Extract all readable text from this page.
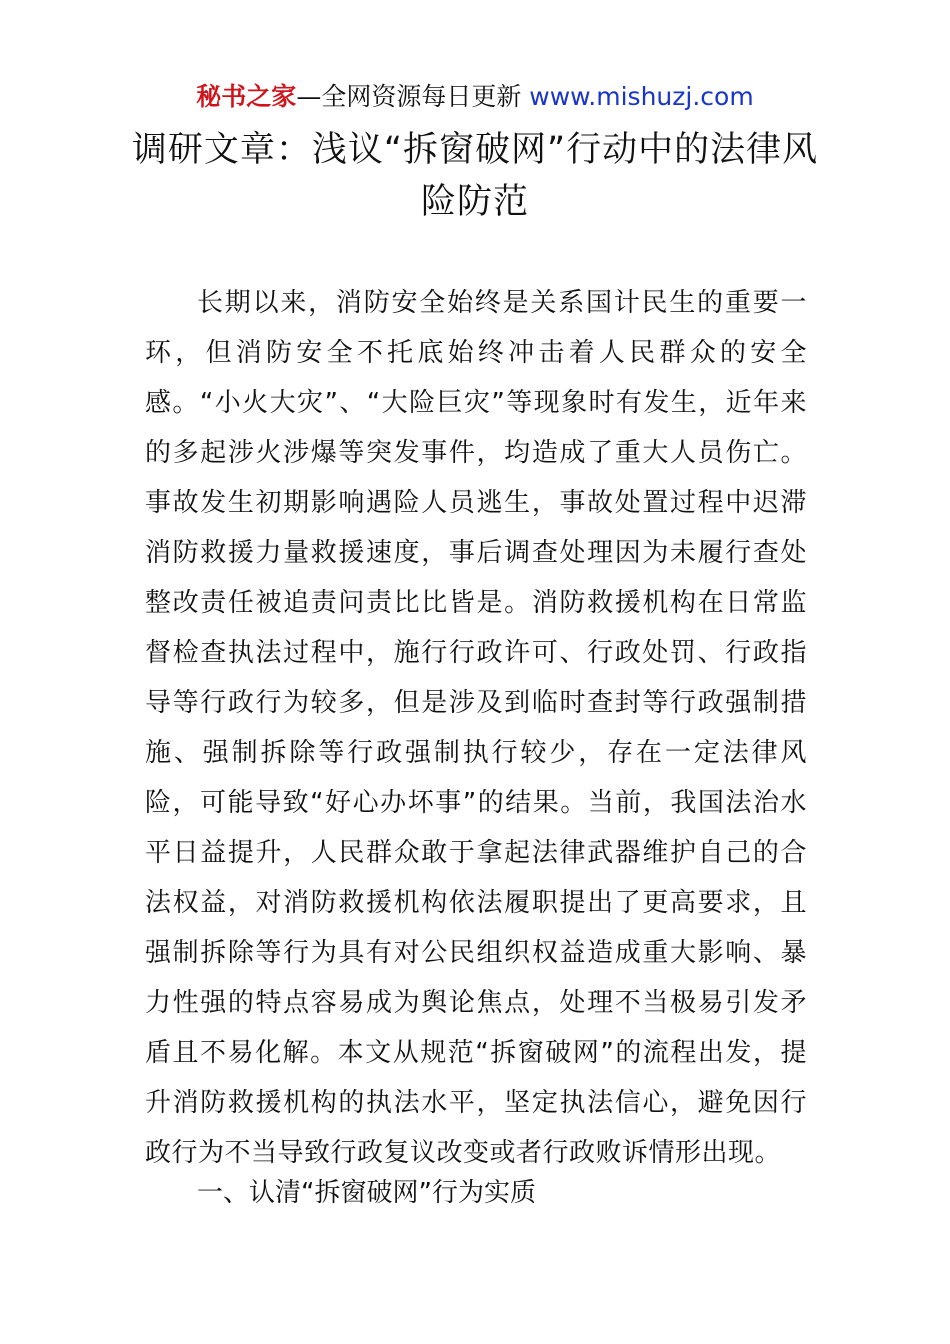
秘书之家—全网资源每日更新 www.mishuzj.com
调研文章：浅议“拆窗破网”行动中的法律风险防范

长期以来，消防安全始终是关系国计民生的重要一环，但消防安全不托底始终冲击着人民群众的安全感。“小火大灾”、“大险巨灾”等现象时有发生，近年来的多起涉火涉爆等突发事件，均造成了重大人员伤亡。事故发生初期影响遇险人员逃生，事故处置过程中迟滞消防救援力量救援速度，事后调查处理因为未履行查处整改责任被追责问责比比皆是。消防救援机构在日常监督检查执法过程中，施行行政许可、行政处罚、行政指导等行政行为较多，但是涉及到临时查封等行政强制措施、强制拆除等行政强制执行较少，存在一定法律风险，可能导致“好心办坏事”的结果。当前，我国法治水平日益提升，人民群众敢于拿起法律武器维护自己的合法权益，对消防救援机构依法履职提出了更高要求，且强制拆除等行为具有对公民组织权益造成重大影响、暴力性强的特点容易成为舆论焦点，处理不当极易引发矛盾且不易化解。本文从规范“拆窗破网”的流程出发，提升消防救援机构的执法水平，坚定执法信心，避免因行政行为不当导致行政复议改变或者行政败诉情形出现。

一、认清“拆窗破网”行为实质
